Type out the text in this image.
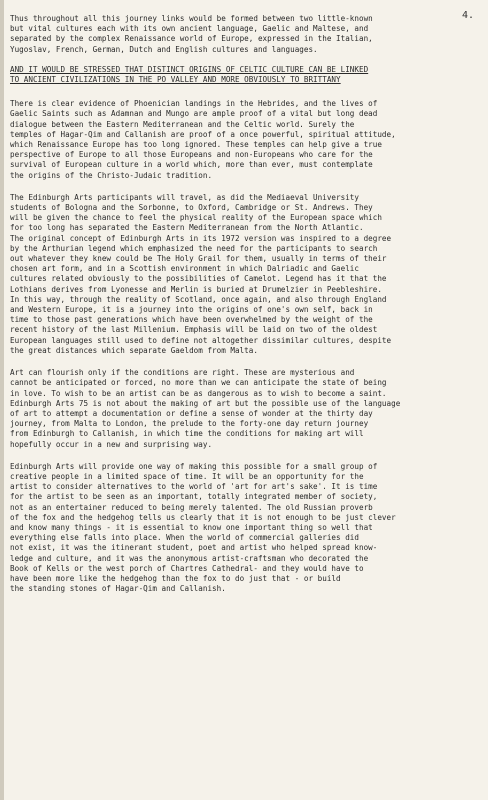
4.

Thus throughout all this journey links would be formed between two little-known
but vital cultures each with its own ancient language, Gaelic and Maltese, and
separated by the complex Renaissance world of Europe, expressed in the Italian,
Yugoslav, French, German, Dutch and English cultures and languages.

AND IT WOULD BE STRESSED THAT DISTINCT ORIGINS OF CELTIC CULTURE CAN BE LINKED
TO ANCIENT CIVILIZATIONS IN THE PO VALLEY AND MORE OBVIOUSLY TO BRITTANY

There is clear evidence of Phoenician landings in the Hebrides, and the lives of
Gaelic Saints such as Adamnan and Mungo are ample proof of a vital but long dead
dialogue between the Eastern Mediterranean and the Celtic world. Surely the
temples of Hagar-Qim and Callanish are proof of a once powerful, spiritual attitude,
which Renaissance Europe has too long ignored. These temples can help give a true
perspective of Europe to all those Europeans and non-Europeans who care for the
survival of European culture in a world which, more than ever, must contemplate
the origins of the Christo-Judaic tradition.

The Edinburgh Arts participants will travel, as did the Mediaeval University
students of Bologna and the Sorbonne, to Oxford, Cambridge or St. Andrews. They
will be given the chance to feel the physical reality of the European space which
for too long has separated the Eastern Mediterranean from the North Atlantic.
The original concept of Edinburgh Arts in its 1972 version was inspired to a degree
by the Arthurian legend which emphasized the need for the participants to search
out whatever they knew could be The Holy Grail for them, usually in terms of their
chosen art form, and in a Scottish environment in which Dalriadic and Gaelic
cultures related obviously to the possibilities of Camelot. Legend has it that the
Lothians derives from Lyonesse and Merlin is buried at Drumelzier in Peebleshire.
In this way, through the reality of Scotland, once again, and also through England
and Western Europe, it is a journey into the origins of one's own self, back in
time to those past generations which have been overwhelmed by the weight of the
recent history of the last Millenium. Emphasis will be laid on two of the oldest
European languages still used to define not altogether dissimilar cultures, despite
the great distances which separate Gaeldom from Malta.

Art can flourish only if the conditions are right. These are mysterious and
cannot be anticipated or forced, no more than we can anticipate the state of being
in love. To wish to be an artist can be as dangerous as to wish to become a saint.
Edinburgh Arts 75 is not about the making of art but the possible use of the language
of art to attempt a documentation or define a sense of wonder at the thirty day
journey, from Malta to London, the prelude to the forty-one day return journey
from Edinburgh to Callanish, in which time the conditions for making art will
hopefully occur in a new and surprising way.

Edinburgh Arts will provide one way of making this possible for a small group of
creative people in a limited space of time. It will be an opportunity for the
artist to consider alternatives to the world of 'art for art's sake'. It is time
for the artist to be seen as an important, totally integrated member of society,
not as an entertainer reduced to being merely talented. The old Russian proverb
of the fox and the hedgehog tells us clearly that it is not enough to be just clever
and know many things - it is essential to know one important thing so well that
everything else falls into place. When the world of commercial galleries did
not exist, it was the itinerant student, poet and artist who helped spread know-
ledge and culture, and it was the anonymous artist-craftsman who decorated the
Book of Kells or the west porch of Chartres Cathedral- and they would have to
have been more like the hedgehog than the fox to do just that - or build
the standing stones of Hagar-Qim and Callanish.
